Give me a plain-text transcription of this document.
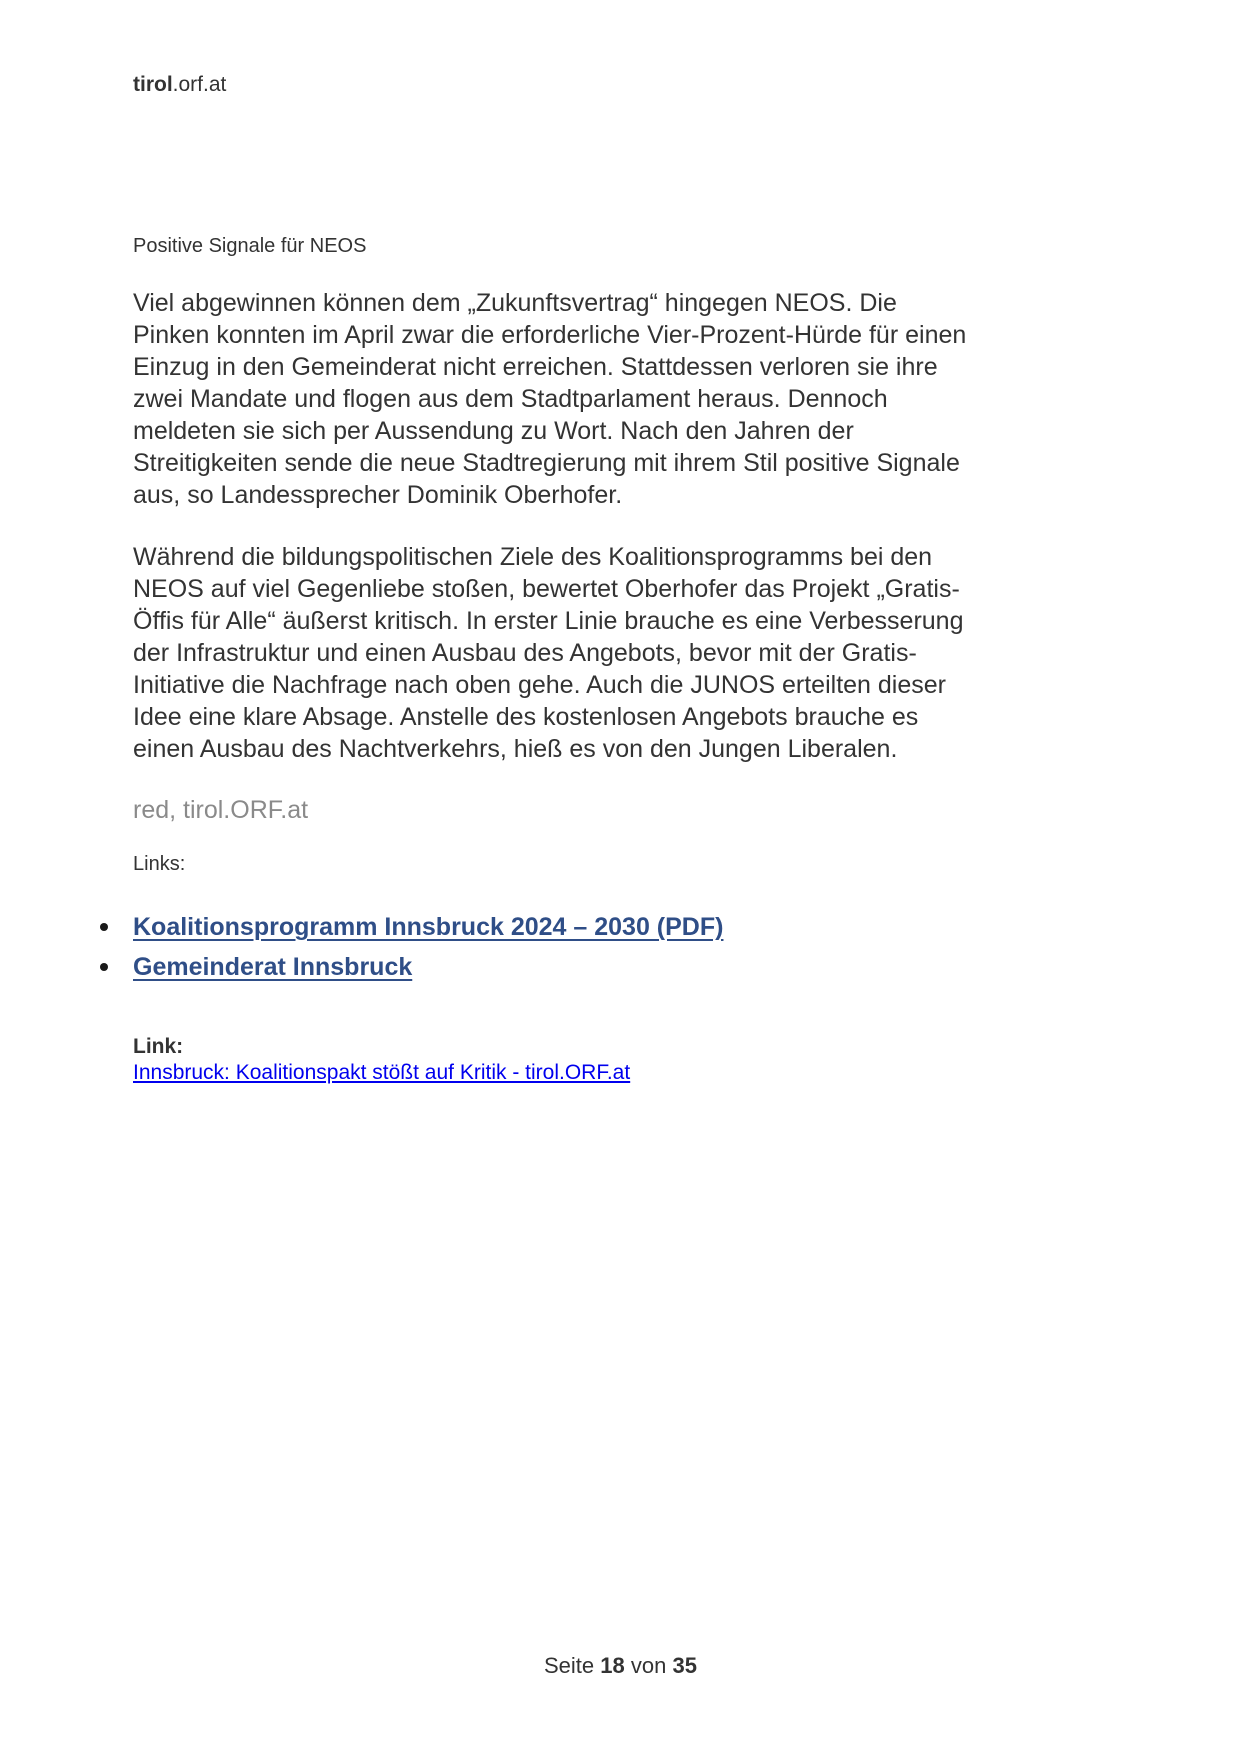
tirol.orf.at
Positive Signale für NEOS

Viel abgewinnen können dem „Zukunftsvertrag“ hingegen NEOS. Die Pinken konnten im April zwar die erforderliche Vier-Prozent-Hürde für einen Einzug in den Gemeinderat nicht erreichen. Stattdessen verloren sie ihre zwei Mandate und flogen aus dem Stadtparlament heraus. Dennoch meldeten sie sich per Aussendung zu Wort. Nach den Jahren der Streitigkeiten sende die neue Stadtregierung mit ihrem Stil positive Signale aus, so Landessprecher Dominik Oberhofer.

Während die bildungspolitischen Ziele des Koalitionsprogramms bei den NEOS auf viel Gegenliebe stoßen, bewertet Oberhofer das Projekt „Gratis-Öffis für Alle“ äußerst kritisch. In erster Linie brauche es eine Verbesserung der Infrastruktur und einen Ausbau des Angebots, bevor mit der Gratis-Initiative die Nachfrage nach oben gehe. Auch die JUNOS erteilten dieser Idee eine klare Absage. Anstelle des kostenlosen Angebots brauche es einen Ausbau des Nachtverkehrs, hieß es von den Jungen Liberalen.

red, tirol.ORF.at

Links:

Koalitionsprogramm Innsbruck 2024 – 2030 (PDF)
Gemeinderat Innsbruck
Link:
Innsbruck: Koalitionspakt stößt auf Kritik - tirol.ORF.at
Seite 18 von 35
